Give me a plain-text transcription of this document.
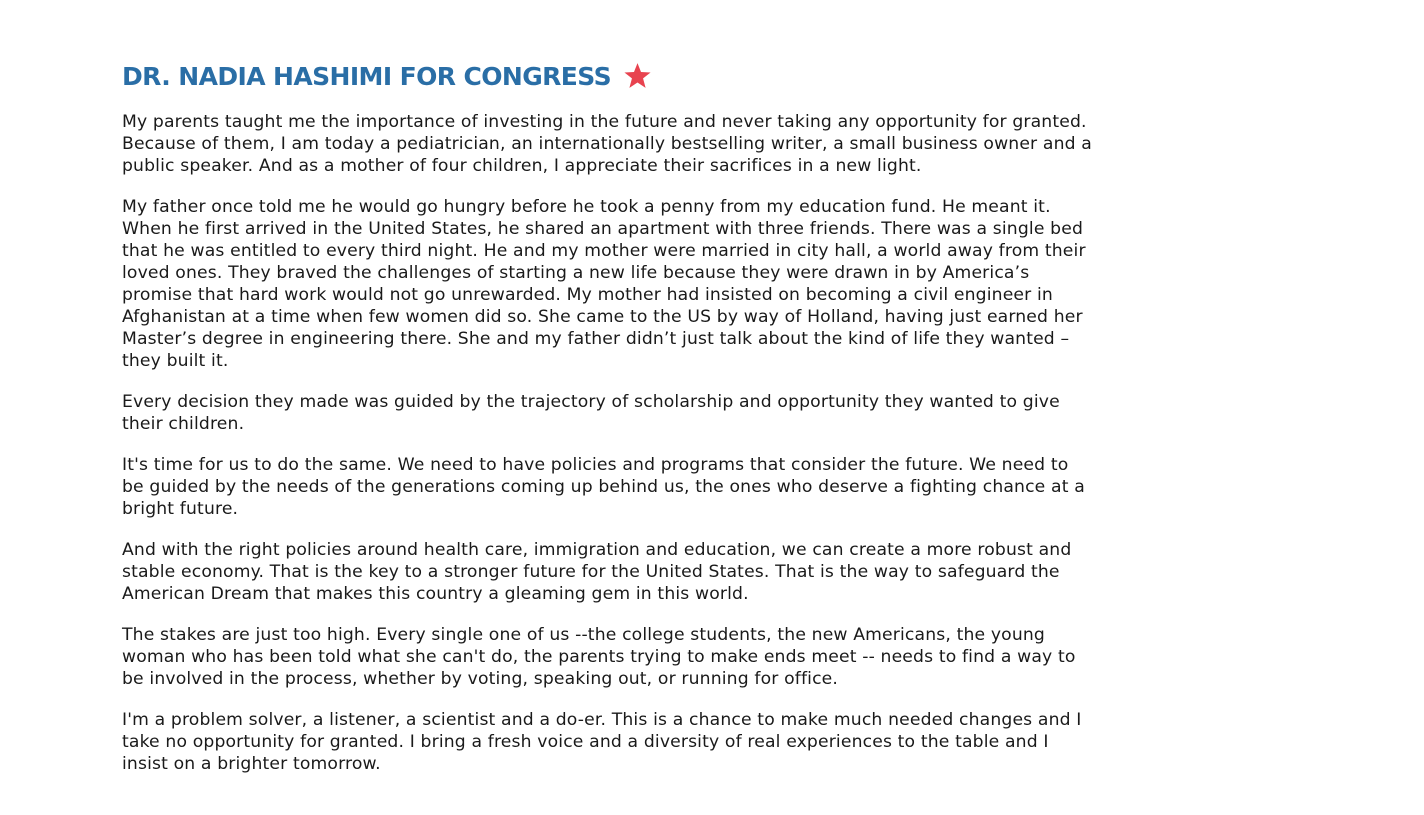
DR. NADIA HASHIMI FOR CONGRESS

My parents taught me the importance of investing in the future and never taking any opportunity for granted.
Because of them, I am today a pediatrician, an internationally bestselling writer, a small business owner and a
public speaker. And as a mother of four children, I appreciate their sacrifices in a new light.

My father once told me he would go hungry before he took a penny from my education fund. He meant it.
When he first arrived in the United States, he shared an apartment with three friends. There was a single bed
that he was entitled to every third night. He and my mother were married in city hall, a world away from their
loved ones. They braved the challenges of starting a new life because they were drawn in by America’s
promise that hard work would not go unrewarded. My mother had insisted on becoming a civil engineer in
Afghanistan at a time when few women did so. She came to the US by way of Holland, having just earned her
Master’s degree in engineering there. She and my father didn’t just talk about the kind of life they wanted –
they built it.

Every decision they made was guided by the trajectory of scholarship and opportunity they wanted to give
their children.

It's time for us to do the same. We need to have policies and programs that consider the future. We need to
be guided by the needs of the generations coming up behind us, the ones who deserve a fighting chance at a
bright future.

And with the right policies around health care, immigration and education, we can create a more robust and
stable economy. That is the key to a stronger future for the United States. That is the way to safeguard the
American Dream that makes this country a gleaming gem in this world.

The stakes are just too high. Every single one of us --the college students, the new Americans, the young
woman who has been told what she can't do, the parents trying to make ends meet -- needs to find a way to
be involved in the process, whether by voting, speaking out, or running for office.

I'm a problem solver, a listener, a scientist and a do-er. This is a chance to make much needed changes and I
take no opportunity for granted. I bring a fresh voice and a diversity of real experiences to the table and I
insist on a brighter tomorrow.
